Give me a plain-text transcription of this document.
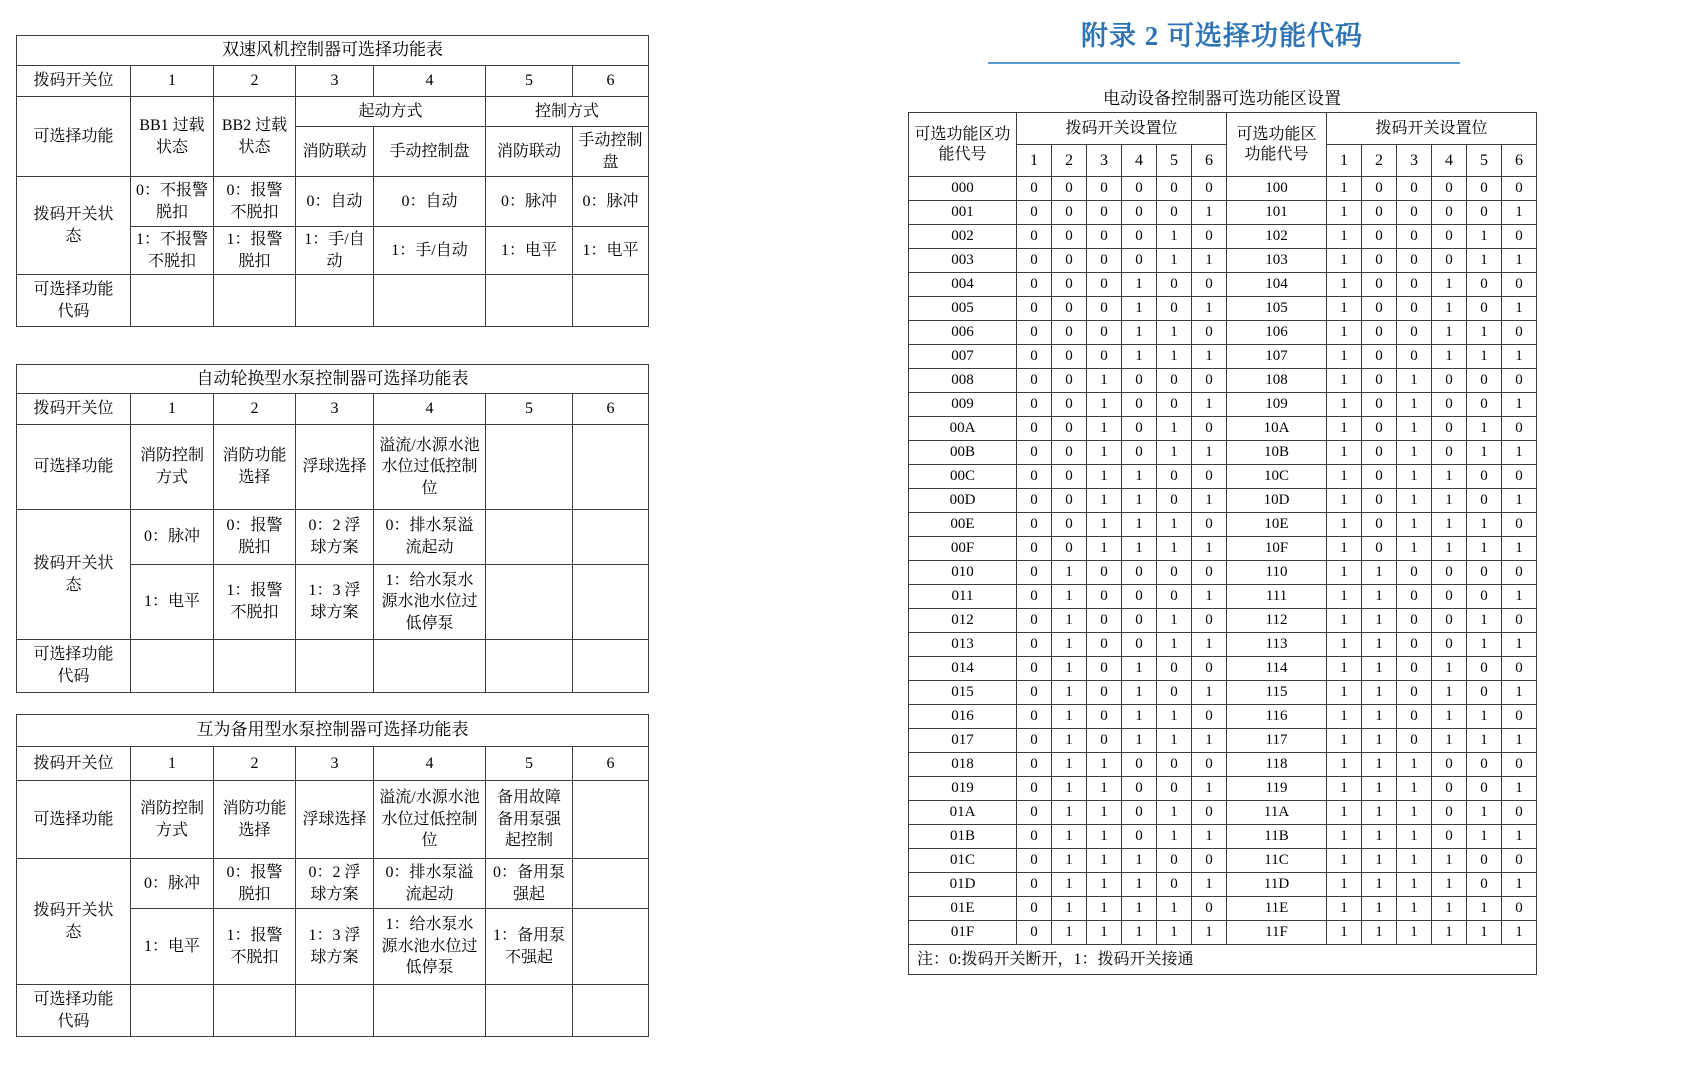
双速风机控制器可选择功能表						
拨码开关位	1	2	3	4	5	6
可选择功能	BB1 过载状态	BB2 过载状态	起动方式		控制方式	
			消防联动	手动控制盘	消防联动	手动控制盘
拨码开关状态	0：不报警脱扣	0：报警不脱扣	0：自动	0：自动	0：脉冲	0：脉冲
	1：不报警不脱扣	1：报警脱扣	1：手/自动	1：手/自动	1：电平	1：电平
可选择功能代码						
自动轮换型水泵控制器可选择功能表						
拨码开关位	1	2	3	4	5	6
可选择功能	消防控制方式	消防功能选择	浮球选择	溢流/水源水池水位过低控制位		
拨码开关状态	0：脉冲	0：报警脱扣	0：2 浮球方案	0：排水泵溢流起动		
	1：电平	1：报警不脱扣	1：3 浮球方案	1：给水泵水源水池水位过低停泵		
可选择功能代码						
互为备用型水泵控制器可选择功能表						
拨码开关位	1	2	3	4	5	6
可选择功能	消防控制方式	消防功能选择	浮球选择	溢流/水源水池水位过低控制位	备用故障备用泵强起控制	
拨码开关状态	0：脉冲	0：报警脱扣	0：2 浮球方案	0：排水泵溢流起动	0：备用泵强起	
	1：电平	1：报警不脱扣	1：3 浮球方案	1：给水泵水源水池水位过低停泵	1：备用泵不强起	
可选择功能代码						
附录 2 可选择功能代码
电动设备控制器可选功能区设置
可选功能区功能代号	拨码开关设置位						可选功能区功能代号	拨码开关设置位					
	1	2	3	4	5	6		1	2	3	4	5	6
000	0	0	0	0	0	0	100	1	0	0	0	0	0
001	0	0	0	0	0	1	101	1	0	0	0	0	1
002	0	0	0	0	1	0	102	1	0	0	0	1	0
003	0	0	0	0	1	1	103	1	0	0	0	1	1
004	0	0	0	1	0	0	104	1	0	0	1	0	0
005	0	0	0	1	0	1	105	1	0	0	1	0	1
006	0	0	0	1	1	0	106	1	0	0	1	1	0
007	0	0	0	1	1	1	107	1	0	0	1	1	1
008	0	0	1	0	0	0	108	1	0	1	0	0	0
009	0	0	1	0	0	1	109	1	0	1	0	0	1
00A	0	0	1	0	1	0	10A	1	0	1	0	1	0
00B	0	0	1	0	1	1	10B	1	0	1	0	1	1
00C	0	0	1	1	0	0	10C	1	0	1	1	0	0
00D	0	0	1	1	0	1	10D	1	0	1	1	0	1
00E	0	0	1	1	1	0	10E	1	0	1	1	1	0
00F	0	0	1	1	1	1	10F	1	0	1	1	1	1
010	0	1	0	0	0	0	110	1	1	0	0	0	0
011	0	1	0	0	0	1	111	1	1	0	0	0	1
012	0	1	0	0	1	0	112	1	1	0	0	1	0
013	0	1	0	0	1	1	113	1	1	0	0	1	1
014	0	1	0	1	0	0	114	1	1	0	1	0	0
015	0	1	0	1	0	1	115	1	1	0	1	0	1
016	0	1	0	1	1	0	116	1	1	0	1	1	0
017	0	1	0	1	1	1	117	1	1	0	1	1	1
018	0	1	1	0	0	0	118	1	1	1	0	0	0
019	0	1	1	0	0	1	119	1	1	1	0	0	1
01A	0	1	1	0	1	0	11A	1	1	1	0	1	0
01B	0	1	1	0	1	1	11B	1	1	1	0	1	1
01C	0	1	1	1	0	0	11C	1	1	1	1	0	0
01D	0	1	1	1	0	1	11D	1	1	1	1	0	1
01E	0	1	1	1	1	0	11E	1	1	1	1	1	0
01F	0	1	1	1	1	1	11F	1	1	1	1	1	1
注：0:拨码开关断开，1：拨码开关接通													
